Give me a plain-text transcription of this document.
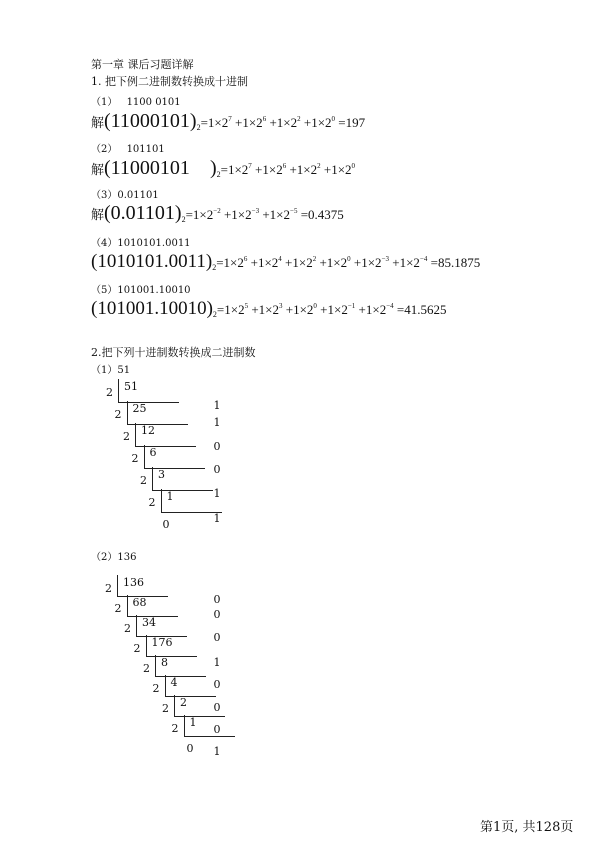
第一章 课后习题详解
1. 把下例二进制数转换成十进制
（1） 1100 0101
解$(11000101)_2=1\times 2^7 +1\times 2^6 +1\times 2^2 +1\times 2^0 =197$
（2） 101101
解(11000101 )$_2=1\times 2^7 +1\times 2^6 +1\times 2^2 +1\times 2^0$
（3）0.01101
解$(0.01101)_2=1\times 2^{-2} +1\times 2^{-3} +1\times 2^{-5} =0.4375$
（4）1010101.0011
$(1010101.0011)_2=1\times 2^6 +1\times 2^4 +1\times 2^2 +1\times 2^0 +1\times 2^{-3} +1\times 2^{-4} =85.1875$
（5）101001.10010
$(101001.10010)_2=1\times 2^5 +1\times 2^3 +1\times 2^0 +1\times 2^{-1} +1\times 2^{-4} =41.5625$
2.把下列十进制数转换成二进制数
（1）51
2 51
2 25
2 12
2 6
2 3
2 1
0
1
1
0
0
1
1
（2）136
2 136
2 68
2 34
2 176
2 8
2 4
2 2
2 1
0
0
0
0
1
0
0
0
1
第1页, 共128页
